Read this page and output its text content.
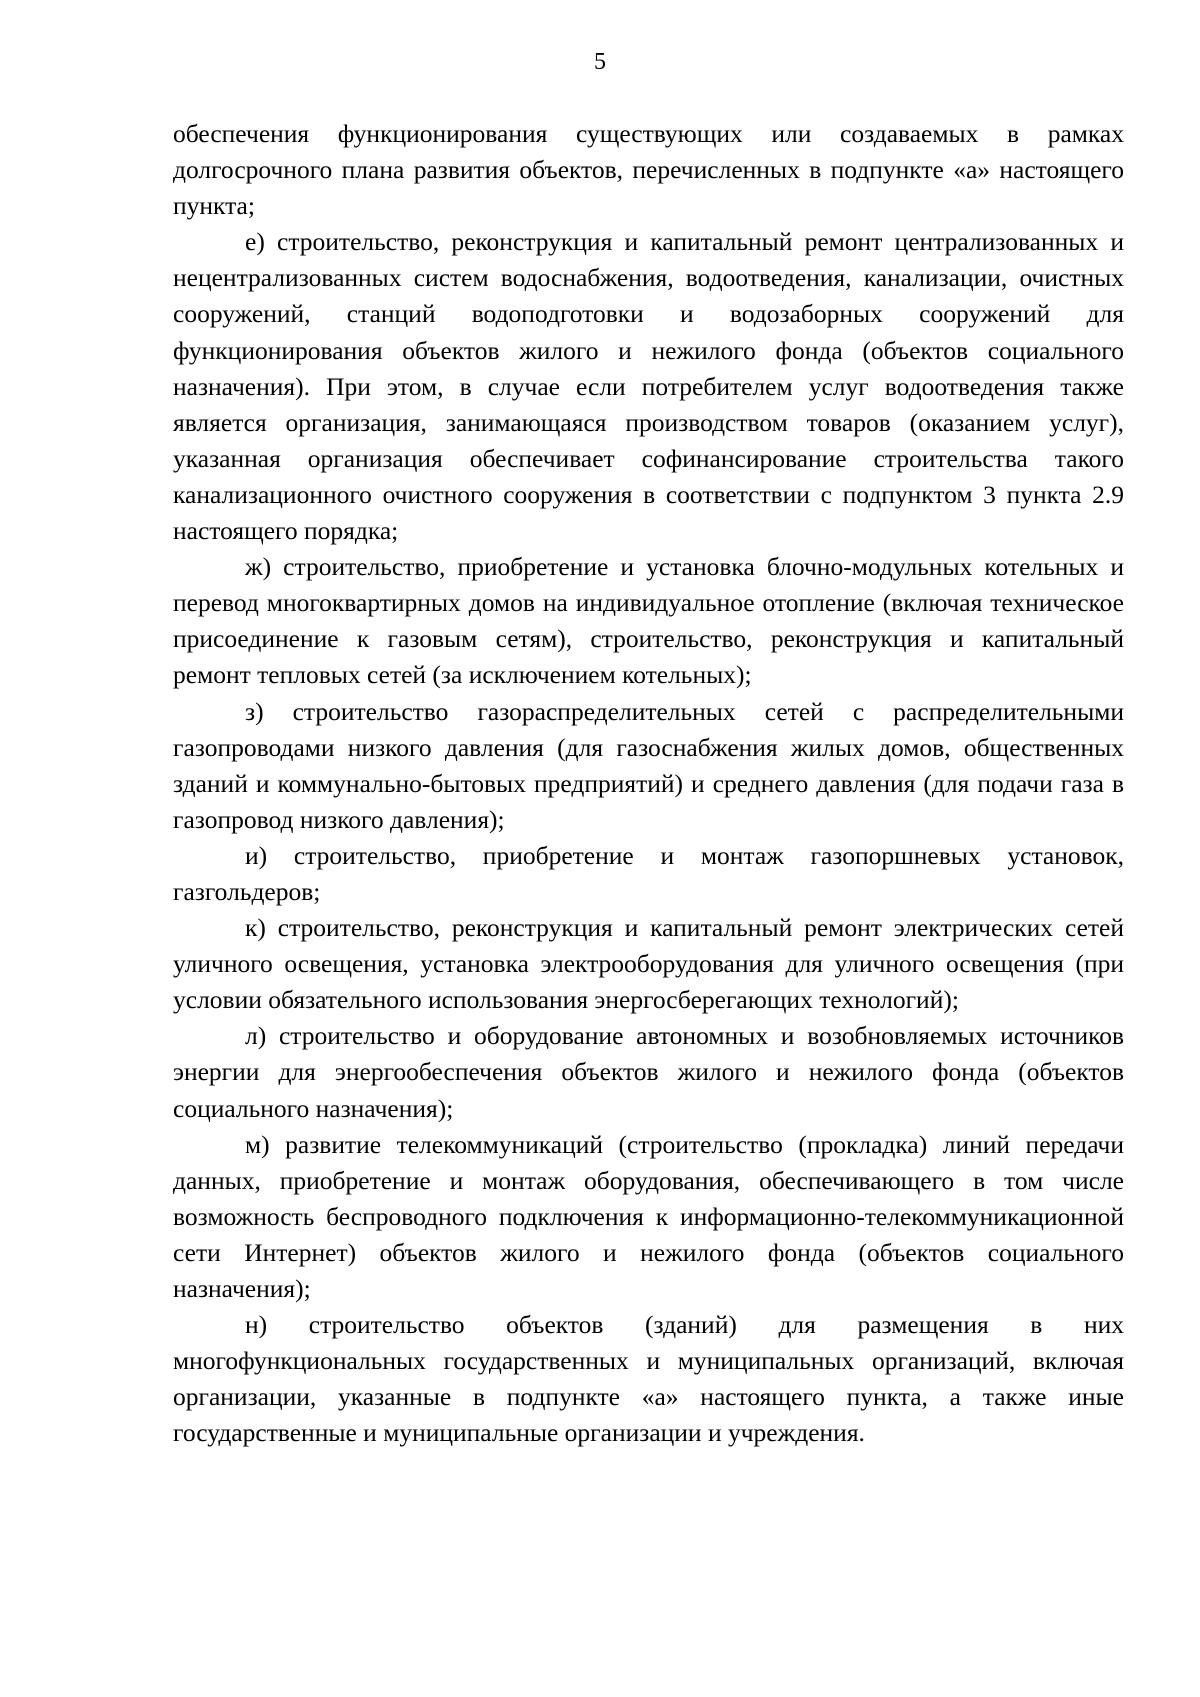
5

обеспечения функционирования существующих или создаваемых в рамках долгосрочного плана развития объектов, перечисленных в подпункте «а» настоящего пункта;

е) строительство, реконструкция и капитальный ремонт централизованных и нецентрализованных систем водоснабжения, водоотведения, канализации, очистных сооружений, станций водоподготовки и водозаборных сооружений для функционирования объектов жилого и нежилого фонда (объектов социального назначения). При этом, в случае если потребителем услуг водоотведения также является организация, занимающаяся производством товаров (оказанием услуг), указанная организация обеспечивает софинансирование строительства такого канализационного очистного сооружения в соответствии с подпунктом 3 пункта 2.9 настоящего порядка;

ж) строительство, приобретение и установка блочно-модульных котельных и перевод многоквартирных домов на индивидуальное отопление (включая техническое присоединение к газовым сетям), строительство, реконструкция и капитальный ремонт тепловых сетей (за исключением котельных);

з) строительство газораспределительных сетей с распределительными газопроводами низкого давления (для газоснабжения жилых домов, общественных зданий и коммунально-бытовых предприятий) и среднего давления (для подачи газа в газопровод низкого давления);

и) строительство, приобретение и монтаж газопоршневых установок, газгольдеров;

к) строительство, реконструкция и капитальный ремонт электрических сетей уличного освещения, установка электрооборудования для уличного освещения (при условии обязательного использования энергосберегающих технологий);

л) строительство и оборудование автономных и возобновляемых источников энергии для энергообеспечения объектов жилого и нежилого фонда (объектов социального назначения);

м) развитие телекоммуникаций (строительство (прокладка) линий передачи данных, приобретение и монтаж оборудования, обеспечивающего в том числе возможность беспроводного подключения к информационно-телекоммуникационной сети Интернет) объектов жилого и нежилого фонда (объектов социального назначения);

н) строительство объектов (зданий) для размещения в них многофункциональных государственных и муниципальных организаций, включая организации, указанные в подпункте «а» настоящего пункта, а также иные государственные и муниципальные организации и учреждения.
